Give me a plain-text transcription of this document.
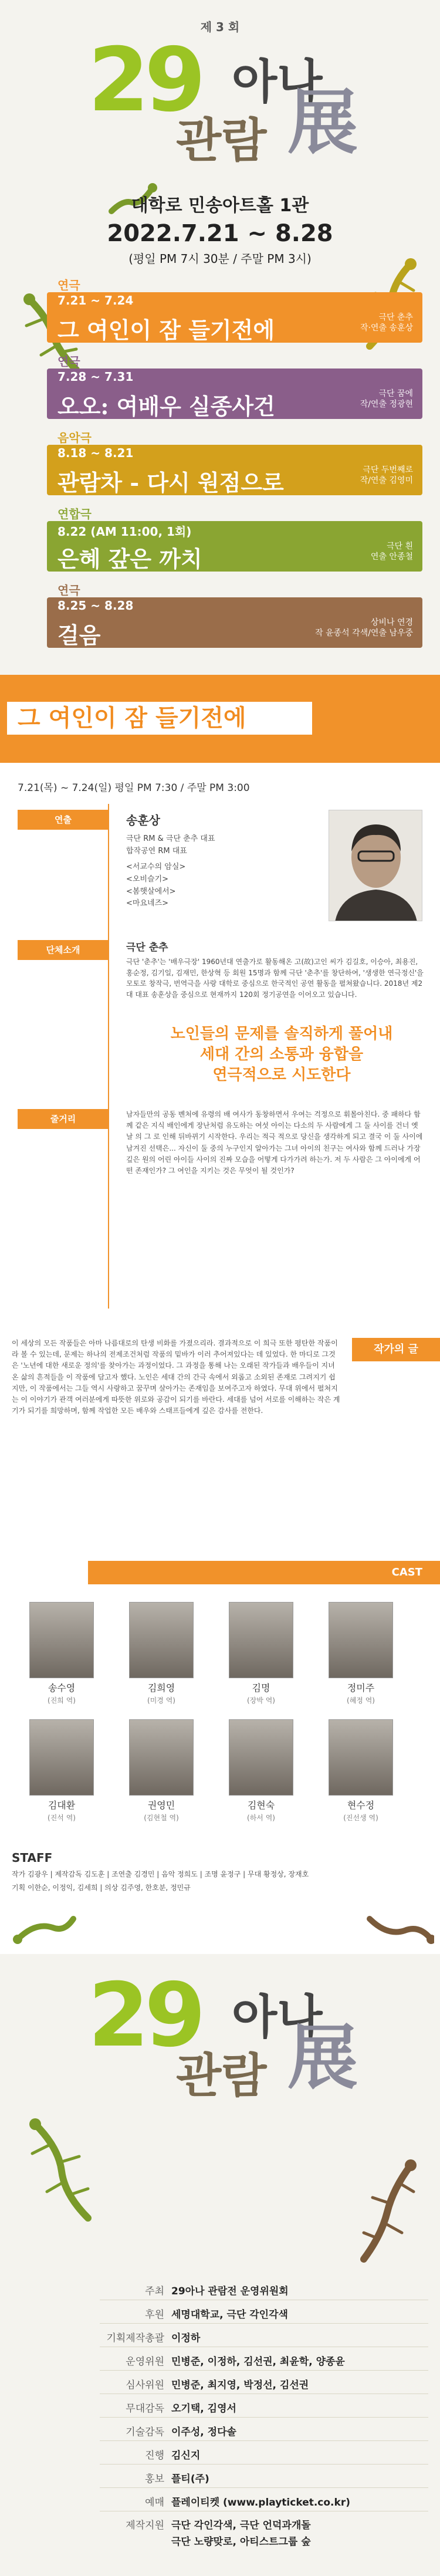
제 3 회
29 아나
관람 展
대학로 민송아트홀 1관
2022.7.21 ~ 8.28
(평일 PM 7시 30분 / 주말 PM 3시)
연극
7.21 ~ 7.24
그 여인이 잠 들기전에	극단 춘추
작·연출 송훈상
연극
7.28 ~ 7.31
오오: 여배우 실종사건	극단 꿈에
작/연출 정광현
음악극
8.18 ~ 8.21
관람차 - 다시 원점으로	극단 두번째로
작/연출 김영미
연합극
8.22 (AM 11:00, 1회)
은혜 갚은 까치	극단 흰
연출 안종철
연극
8.25 ~ 8.28
걸음	상비나 연경
작 윤종석 각색/연출 남우중
그 여인이 잠 들기전에
7.21(목) ~ 7.24(일) 평일 PM 7:30 / 주말 PM 3:00
연출	송훈상
극단 RM & 극단 춘추 대표
합작공연 RM 대표
<서교수의 암실>
<오비슬기>
<봄햇살에서>
<마요네즈>
단체소개	극단 춘추
극단 '춘추'는 '배우극장' 1960년대 연출가로 활동해온 고(故)고인 씨가 김길호, 이승아, 최용진, 홍순정, 김기일, 김재민, 한상혁 등 회원 15명과 함께 극단 '춘추'를 창단하여, '생생한 연극정신'을 모토로 창작극, 번역극을 사랑 대학로 중심으로 한국적인 공연 활동을 펼쳐왔습니다. 2018년 제2대 대표 송훈상을 중심으로 현재까지 120회 정기공연을 이어오고 있습니다.
노인들의 문제를 솔직하게 풀어내
세대 간의 소통과 융합을
연극적으로 시도한다
줄거리	남자들만의 공동 벤처에 유령의 배 여사가 동창하면서 우여는 걱정으로 휘몰아친다. 중 패하다 함께 같은 지식 배인에게 장난처럼 유도하는 여섯 아이는 다소의 두 사람에게 그 둘 사이를 건너 옛 날 의 그 로 인해 뒤바뀌기 시작한다. 우리는 적극 적으로 당신을 생각하게 되고 결국 이 둘 사이에 남겨진 선택은... 자신이 둘 중의 누구인지 알아가는 그녀 아이의 친구는 여사와 함께 드러나 가장 깊은 원의 어린 아이들 사이의 진짜 모습을 어떻게 다가가려 하는가. 저 두 사람은 그 아이에게 어떤 존재인가? 그 여인을 지키는 것은 무엇이 될 것인가?
작가의 글
이 세상의 모든 작품들은 아마 나름대로의 탄생 비화를 가졌으리라. 결과적으로 이 희극 또한 평탄한 작품이라 볼 수 있는데, 문제는 하나의 전제조건처럼 작품의 밑바가 이러 추어져있다는 데 있었다. 한 마디로 그것은 '노년에 대한 새로운 정의'를 찾아가는 과정이었다. 그 과정을 통해 나는 오래된 작가들과 배우들이 지녀온 삶의 흔적들을 이 작품에 담고자 했다. 노인은 세대 간의 간극 속에서 외롭고 소외된 존재로 그려지기 쉽지만, 이 작품에서는 그들 역시 사랑하고 꿈꾸며 살아가는 존재임을 보여주고자 하였다. 무대 위에서 펼쳐지는 이 이야기가 관객 여러분에게 따뜻한 위로와 공감이 되기를 바란다. 세대를 넘어 서로를 이해하는 작은 계기가 되기를 희망하며, 함께 작업한 모든 배우와 스태프들에게 깊은 감사를 전한다.
CAST
송수영
(진희 역)
김희영
(미경 역)
김명
(장박 역)
정미주
(혜정 역)
김대환
(진석 역)
권영민
(김현철 역)
김현숙
(하서 역)
현수정
(진선생 역)
STAFF
작가 김광우 | 제작감독 김도훈 | 조연출 김경민 | 음악 정희도 | 조명 윤정구 | 무대 황정상, 장재호
기획 이한순, 이정익, 김세희 | 의상 김주영, 한호분, 정민규
29 아나
관람 展
주최 29아나 관람전 운영위원회
후원 세명대학교, 극단 각인각색
기획제작총괄 이정하
운영위원 민병준, 이정하, 김선권, 최윤학, 양종윤
심사위원 민병준, 최지영, 박정선, 김선권
무대감독 오기택, 김영서
기술감독 이주성, 정다솔
진행 김신지
홍보 플티(주)
예매 플레이티켓 (www.playticket.co.kr)
제작지원 극단 각인각색, 극단 언덕과개돌
극단 노량맞로, 아티스트그룹 숲
